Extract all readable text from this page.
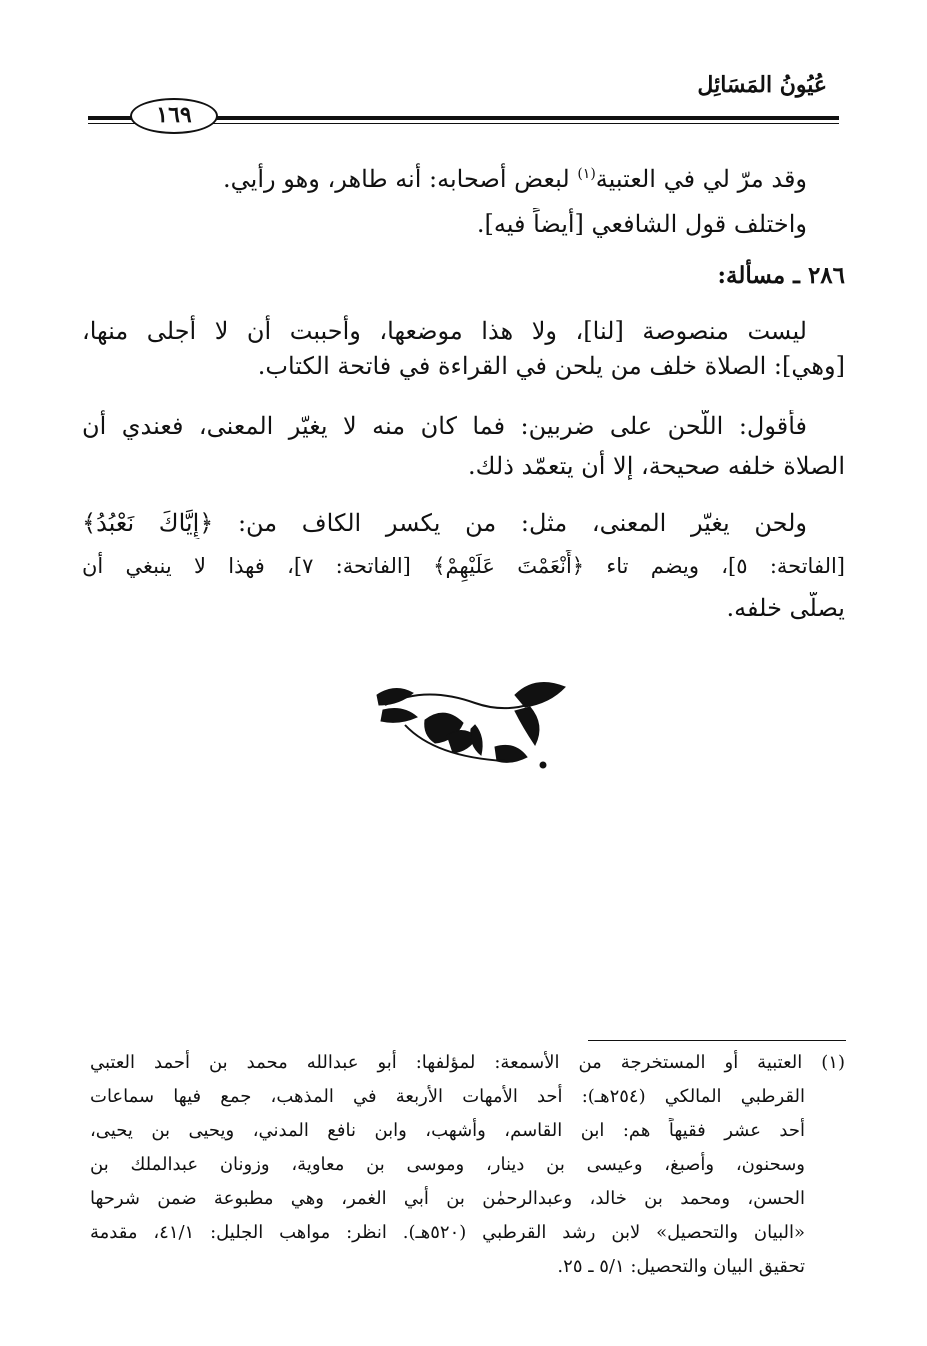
عُيُونُ المَسَائِل
١٦٩
وقد مرّ لي في العتبية$^{(١)}$ لبعض أصحابه: أنه طاهر، وهو رأيي.
واختلف قول الشافعي [أيضاً فيه].
٢٨٦ ـ مسألة:
ليست منصوصة [لنا]، ولا هذا موضعها، وأحببت أن لا أجلى منها،
[وهي]: الصلاة خلف من يلحن في القراءة في فاتحة الكتاب.
فأقول: اللّحن على ضربين: فما كان منه لا يغيّر المعنى، فعندي أن
الصلاة خلفه صحيحة، إلا أن يتعمّد ذلك.
ولحن يغيّر المعنى، مثل: من يكسر الكاف من: ﴿إِيَّاكَ نَعْبُدُ﴾
[الفاتحة: ٥]، ويضم تاء ﴿أَنْعَمْتَ عَلَيْهِمْ﴾ [الفاتحة: ٧]، فهذا لا ينبغي أن
يصلّى خلفه.
(١) العتبية أو المستخرجة من الأسمعة: لمؤلفها: أبو عبدالله محمد بن أحمد العتبي
القرطبي المالكي (٢٥٤هـ): أحد الأمهات الأربعة في المذهب، جمع فيها سماعات
أحد عشر فقيهاً هم: ابن القاسم، وأشهب، وابن نافع المدني، ويحيى بن يحيى،
وسحنون، وأصبغ، وعيسى بن دينار، وموسى بن معاوية، وزونان عبدالملك بن
الحسن، ومحمد بن خالد، وعبدالرحمٰن بن أبي الغمر، وهي مطبوعة ضمن شرحها
«البيان والتحصيل» لابن رشد القرطبي (٥٢٠هـ). انظر: مواهب الجليل: ٤١/١، مقدمة
تحقيق البيان والتحصيل: ٥/١ ـ ٢٥.
